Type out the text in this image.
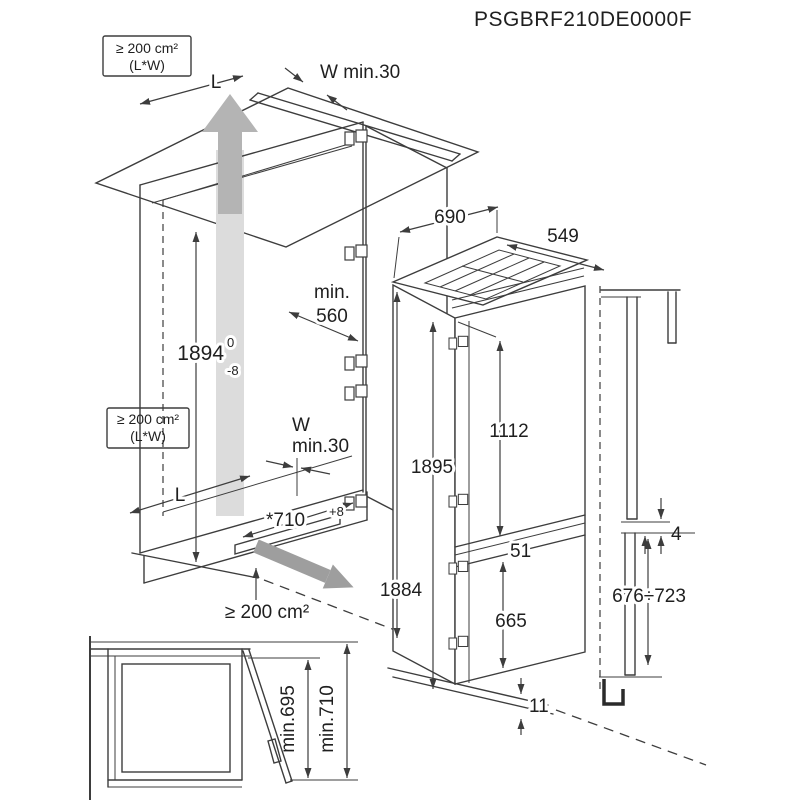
PSGBRF210DE0000F
≥ 200 cm²
(L*W)
L	W min.30
1894 0
-8
min.
560
≥ 200 cm²
(L*W)	W
min.30
L
*710 +8
≥ 200 cm²
690
549
1884
1895
1112
51
665
11
4
676÷723
min.695 min.710
